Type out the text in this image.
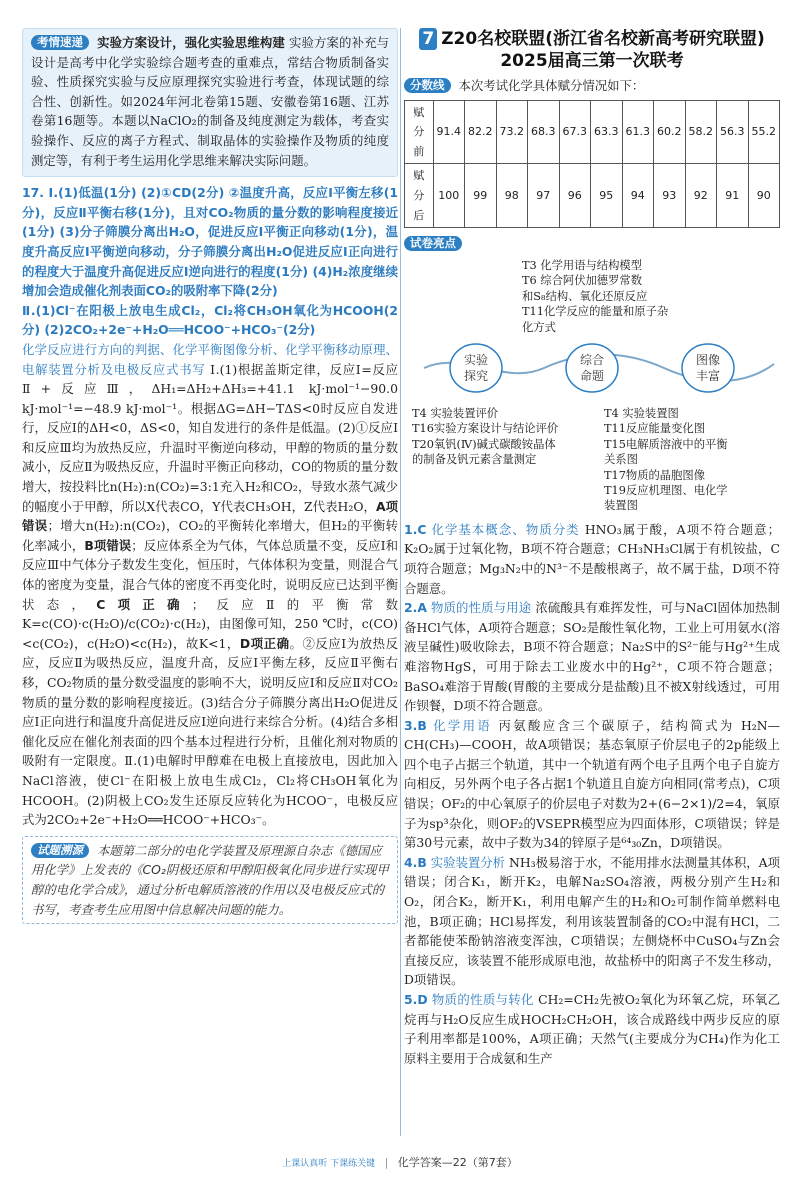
考情速递 实验方案设计，强化实验思维构建 实验方案的补充与设计是高考中化学实验综合题考查的重难点，常结合物质制备实验、性质探究实验与反应原理探究实验进行考查，体现试题的综合性、创新性。如2024年河北卷第15题、安徽卷第16题、江苏卷第16题等。本题以NaClO₂的制备及纯度测定为载体，考查实验操作、反应的离子方程式、制取晶体的实验操作及物质的纯度测定等，有利于考生运用化学思维来解决实际问题。
17. Ⅰ.(1)低温(1分) (2)①CD(2分) ②温度升高，反应Ⅰ平衡左移(1分)，反应Ⅱ平衡右移(1分)，且对CO₂物质的量分数的影响程度接近(1分) (3)分子筛膜分离出H₂O，促进反应Ⅰ平衡正向移动(1分)，温度升高反应Ⅰ平衡逆向移动，分子筛膜分离出H₂O促进反应Ⅰ正向进行的程度大于温度升高促进反应Ⅰ逆向进行的程度(1分) (4)H₂浓度继续增加会造成催化剂表面CO₂的吸附率下降(2分)
Ⅱ.(1)Cl⁻在阳极上放电生成Cl₂，Cl₂将CH₃OH氧化为HCOOH(2分) (2)2CO₂+2e⁻+H₂O══HCOO⁻+HCO₃⁻(2分)
化学反应进行方向的判据、化学平衡图像分析、化学平衡移动原理、电解装置分析及电极反应式书写 Ⅰ.(1)根据盖斯定律，反应Ⅰ=反应Ⅱ+反应Ⅲ，ΔH₁=ΔH₂+ΔH₃=+41.1 kJ·mol⁻¹−90.0 kJ·mol⁻¹=−48.9 kJ·mol⁻¹。根据ΔG=ΔH−TΔS<0时反应自发进行，反应Ⅰ的ΔH<0，ΔS<0，知自发进行的条件是低温。(2)①反应Ⅰ和反应Ⅲ均为放热反应，升温时平衡逆向移动，甲醇的物质的量分数减小，反应Ⅱ为吸热反应，升温时平衡正向移动，CO的物质的量分数增大，按投料比n(H₂):n(CO₂)=3:1充入H₂和CO₂，导致水蒸气减少的幅度小于甲醇，所以X代表CO，Y代表CH₃OH，Z代表H₂O，A项错误；增大n(H₂):n(CO₂)，CO₂的平衡转化率增大，但H₂的平衡转化率减小，B项错误；反应体系全为气体，气体总质量不变，反应Ⅰ和反应Ⅲ中气体分子数发生变化，恒压时，气体体积为变量，则混合气体的密度为变量，混合气体的密度不再变化时，说明反应已达到平衡状态，C项正确；反应Ⅱ的平衡常数K=c(CO)·c(H₂O)/c(CO₂)·c(H₂)，由图像可知，250 ℃时，c(CO)<c(CO₂)，c(H₂O)<c(H₂)，故K<1，D项正确。②反应Ⅰ为放热反应，反应Ⅱ为吸热反应，温度升高，反应Ⅰ平衡左移，反应Ⅱ平衡右移，CO₂物质的量分数受温度的影响不大，说明反应Ⅰ和反应Ⅱ对CO₂物质的量分数的影响程度接近。(3)结合分子筛膜分离出H₂O促进反应Ⅰ正向进行和温度升高促进反应Ⅰ逆向进行来综合分析。(4)结合多相催化反应在催化剂表面的四个基本过程进行分析，且催化剂对物质的吸附有一定限度。Ⅱ.(1)电解时甲醇难在电极上直接放电，因此加入NaCl溶液，使Cl⁻在阳极上放电生成Cl₂，Cl₂将CH₃OH氧化为HCOOH。(2)阴极上CO₂发生还原反应转化为HCOO⁻，电极反应式为2CO₂+2e⁻+H₂O══HCOO⁻+HCO₃⁻。
试题溯源 本题第二部分的电化学装置及原理源自杂志《德国应用化学》上发表的《CO₂阴极还原和甲醇阳极氧化同步进行实现甲醇的电化学合成》，通过分析电解质溶液的作用以及电极反应式的书写，考查考生应用图中信息解决问题的能力。
7 Z20名校联盟(浙江省名校新高考研究联盟)
2025届高三第一次联考
分数线 本次考试化学具体赋分情况如下：
赋分前	91.4	82.2	73.2	68.3	67.3	63.3	61.3	60.2	58.2	56.3	55.2
赋分后	100	99	98	97	96	95	94	93	92	91	90
试卷亮点
T3 化学用语与结构模型
T6 综合阿伏加德罗常数
和S₈结构、氧化还原反应
T11化学反应的能量和原子杂
化方式
实验
探究
综合
命题
图像
丰富
T4 实验装置评价
T16实验方案设计与结论评价
T20氧钒(Ⅳ)碱式碳酸铵晶体
的制备及钒元素含量测定
T4 实验装置图
T11反应能量变化图
T15电解质溶液中的平衡
关系图
T17物质的晶胞图像
T19反应机理图、电化学
装置图
1.C 化学基本概念、物质分类 HNO₃属于酸，A项不符合题意；K₂O₂属于过氧化物，B项不符合题意；CH₃NH₃Cl属于有机铵盐，C项符合题意；Mg₃N₂中的N³⁻不是酸根离子，故不属于盐，D项不符合题意。
2.A 物质的性质与用途 浓硫酸具有难挥发性，可与NaCl固体加热制备HCl气体，A项符合题意；SO₂是酸性氧化物，工业上可用氨水(溶液呈碱性)吸收除去，B项不符合题意；Na₂S中的S²⁻能与Hg²⁺生成难溶物HgS，可用于除去工业废水中的Hg²⁺，C项不符合题意；BaSO₄难溶于胃酸(胃酸的主要成分是盐酸)且不被X射线透过，可用作钡餐，D项不符合题意。
3.B 化学用语 丙氨酸应含三个碳原子，结构简式为 H₂N—CH(CH₃)—COOH，故A项错误；基态氧原子价层电子的2p能级上四个电子占据三个轨道，其中一个轨道有两个电子且两个电子自旋方向相反，另外两个电子各占据1个轨道且自旋方向相同(常考点)，C项错误；OF₂的中心氧原子的价层电子对数为2+(6−2×1)/2=4，氧原子为sp³杂化，则OF₂的VSEPR模型应为四面体形，C项错误；锌是第30号元素，故中子数为34的锌原子是⁶⁴₃₀Zn，D项错误。
4.B 实验装置分析 NH₃极易溶于水，不能用排水法测量其体积，A项错误；闭合K₁，断开K₂，电解Na₂SO₄溶液，两极分别产生H₂和O₂，闭合K₂，断开K₁，利用电解产生的H₂和O₂可制作简单燃料电池，B项正确；HCl易挥发，利用该装置制备的CO₂中混有HCl，二者都能使苯酚钠溶液变浑浊，C项错误；左侧烧杯中CuSO₄与Zn会直接反应，该装置不能形成原电池，故盐桥中的阳离子不发生移动，D项错误。
5.D 物质的性质与转化 CH₂=CH₂先被O₂氧化为环氧乙烷，环氧乙烷再与H₂O反应生成HOCH₂CH₂OH，该合成路线中两步反应的原子利用率都是100%，A项正确；天然气(主要成分为CH₄)作为化工原料主要用于合成氨和生产
上课认真听 下课练关键 | 化学答案—22（第7套）
